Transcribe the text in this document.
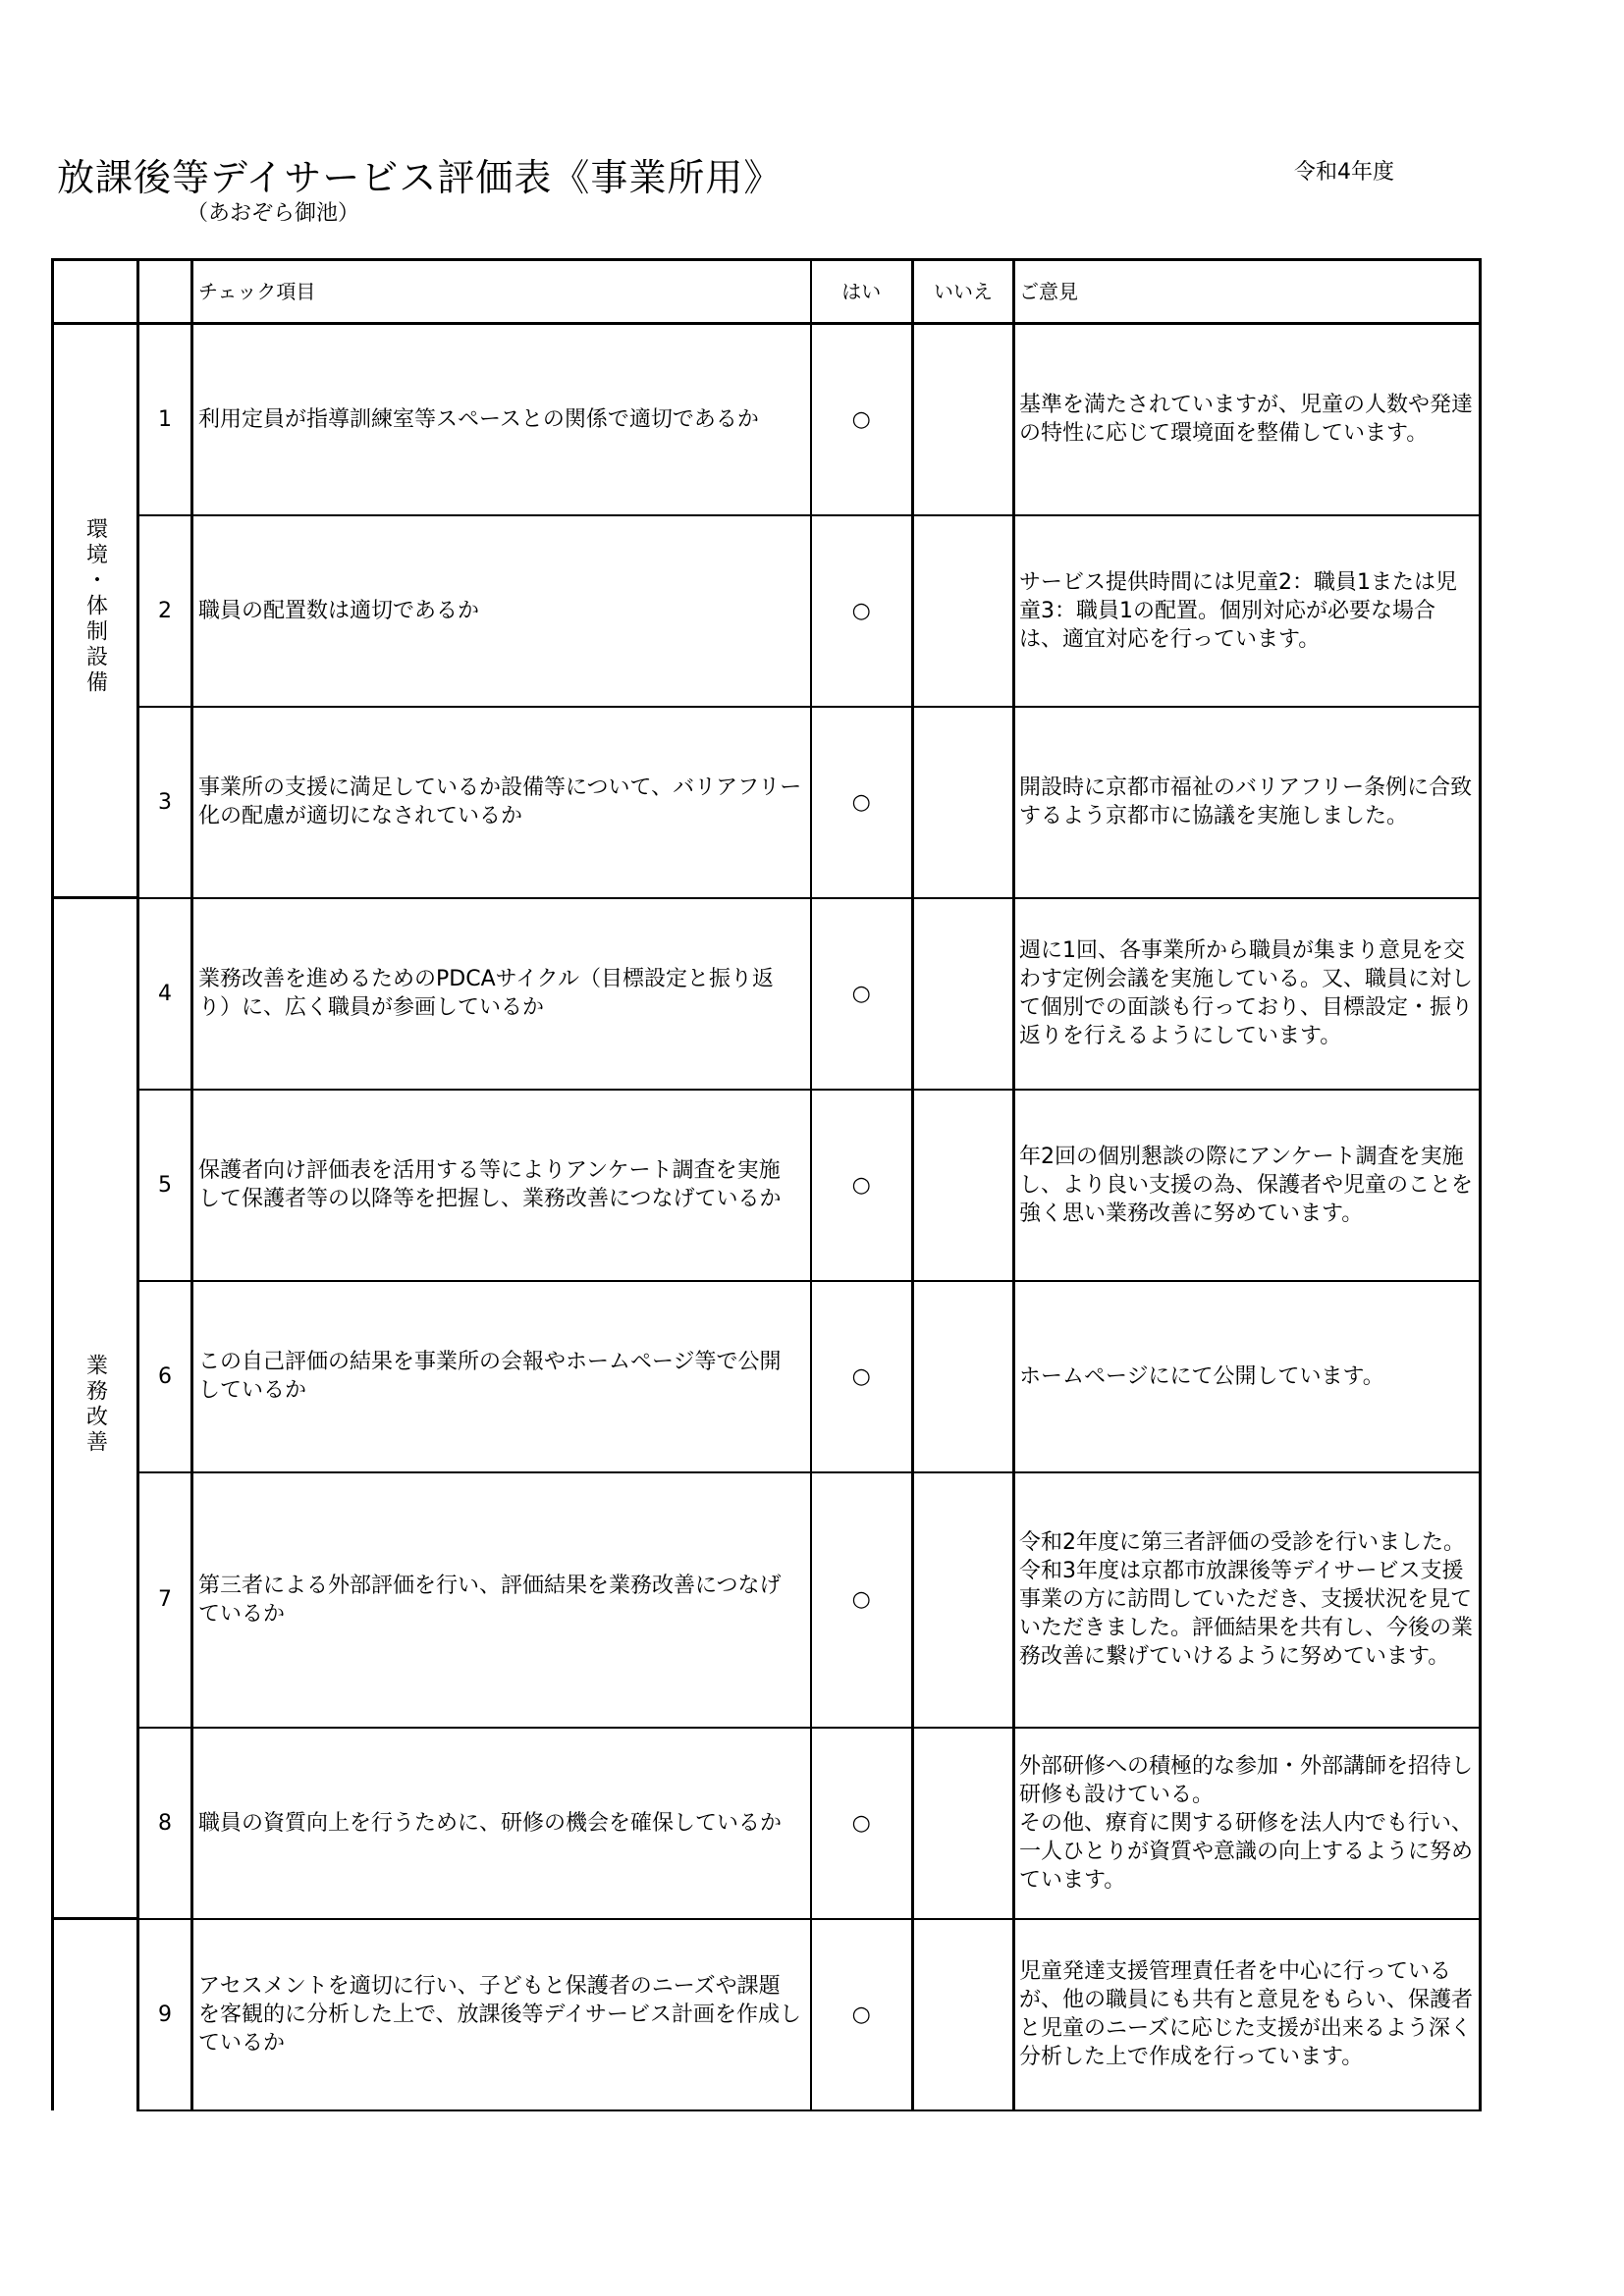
放課後等デイサービス評価表《事業所用》	令和4年度
（あおぞら御池）
		チェック項目	はい	いいえ	ご意見
環境・体制設備	1	利用定員が指導訓練室等スペースとの関係で適切であるか	○		基準を満たされていますが、児童の人数や発達の特性に応じて環境面を整備しています。
	2	職員の配置数は適切であるか	○		サービス提供時間には児童2：職員1または児童3：職員1の配置。個別対応が必要な場合は、適宜対応を行っています。
	3	事業所の支援に満足しているか設備等について、バリアフリー化の配慮が適切になされているか	○		開設時に京都市福祉のバリアフリー条例に合致するよう京都市に協議を実施しました。
業務改善	4	業務改善を進めるためのPDCAサイクル（目標設定と振り返り）に、広く職員が参画しているか	○		週に1回、各事業所から職員が集まり意見を交わす定例会議を実施している。又、職員に対して個別での面談も行っており、目標設定・振り返りを行えるようにしています。
	5	保護者向け評価表を活用する等によりアンケート調査を実施して保護者等の以降等を把握し、業務改善につなげているか	○		年2回の個別懇談の際にアンケート調査を実施し、より良い支援の為、保護者や児童のことを強く思い業務改善に努めています。
	6	この自己評価の結果を事業所の会報やホームページ等で公開しているか	○		ホームページににて公開しています。
	7	第三者による外部評価を行い、評価結果を業務改善につなげているか	○		令和2年度に第三者評価の受診を行いました。令和3年度は京都市放課後等デイサービス支援事業の方に訪問していただき、支援状況を見ていただきました。評価結果を共有し、今後の業務改善に繋げていけるように努めています。
	8	職員の資質向上を行うために、研修の機会を確保しているか	○		外部研修への積極的な参加・外部講師を招待し研修も設けている。
その他、療育に関する研修を法人内でも行い、一人ひとりが資質や意識の向上するように努めています。
	9	アセスメントを適切に行い、子どもと保護者のニーズや課題を客観的に分析した上で、放課後等デイサービス計画を作成しているか	○		児童発達支援管理責任者を中心に行っているが、他の職員にも共有と意見をもらい、保護者と児童のニーズに応じた支援が出来るよう深く分析した上で作成を行っています。
